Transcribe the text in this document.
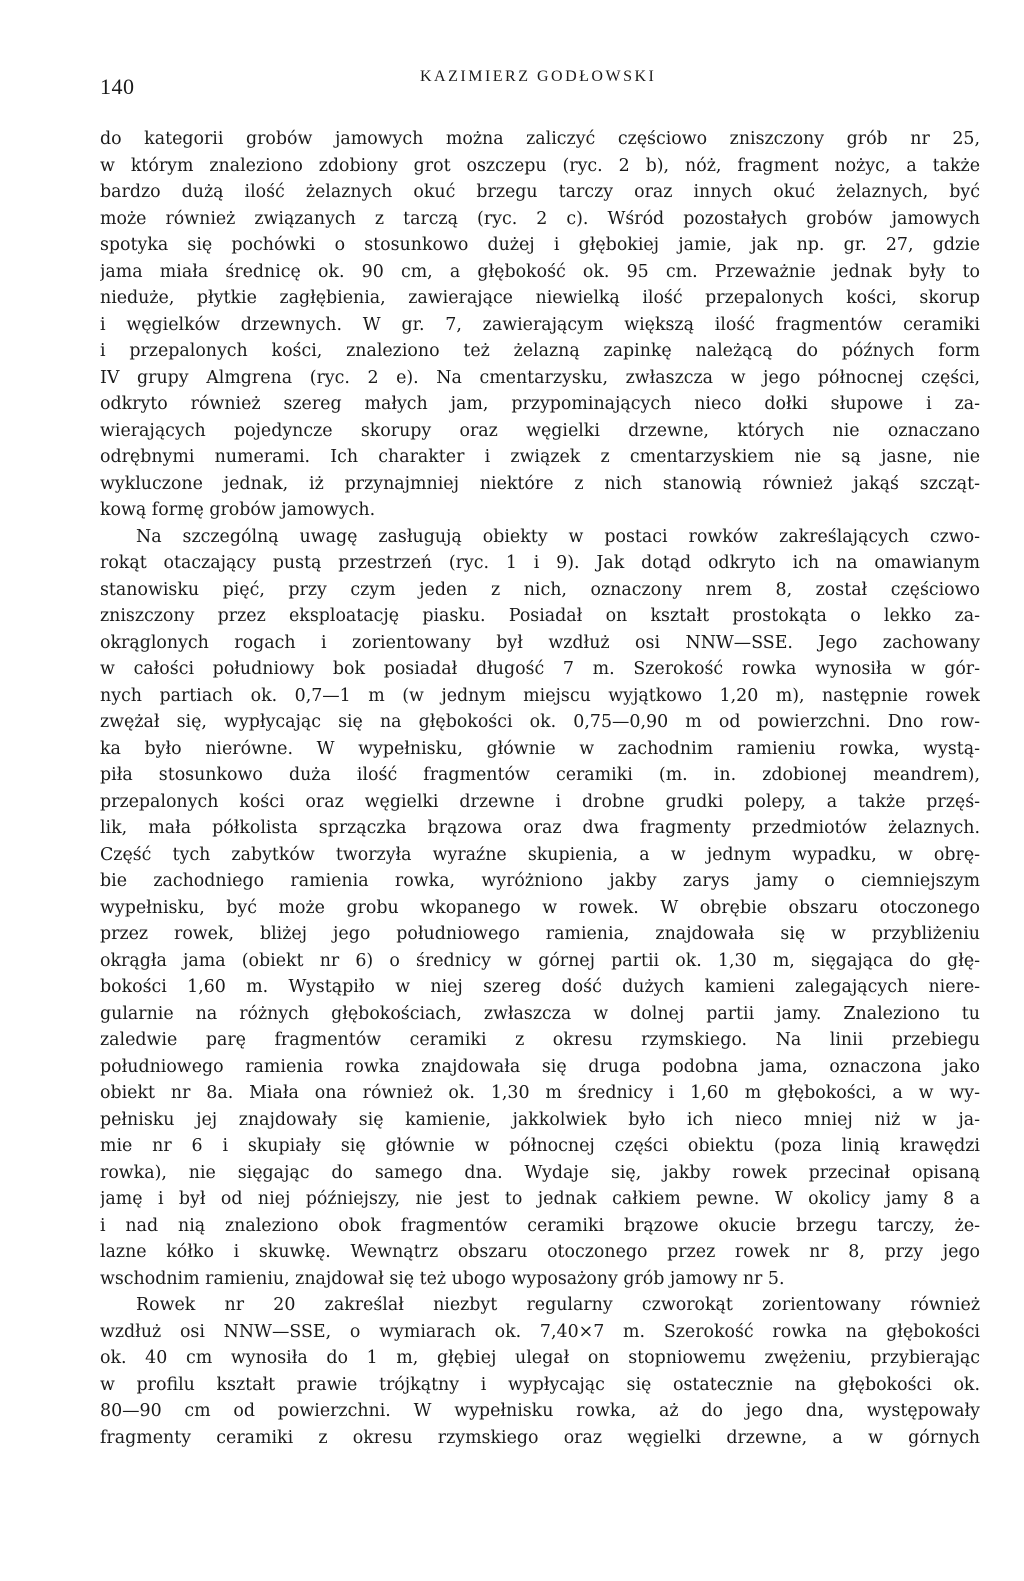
140	KAZIMIERZ GODŁOWSKI
do kategorii grobów jamowych można zaliczyć częściowo zniszczony grób nr 25,
w którym znaleziono zdobiony grot oszczepu (ryc. 2 b), nóż, fragment nożyc, a także
bardzo dużą ilość żelaznych okuć brzegu tarczy oraz innych okuć żelaznych, być
może również związanych z tarczą (ryc. 2 c). Wśród pozostałych grobów jamowych
spotyka się pochówki o stosunkowo dużej i głębokiej jamie, jak np. gr. 27, gdzie
jama miała średnicę ok. 90 cm, a głębokość ok. 95 cm. Przeważnie jednak były to
nieduże, płytkie zagłębienia, zawierające niewielką ilość przepalonych kości, skorup
i węgielków drzewnych. W gr. 7, zawierającym większą ilość fragmentów ceramiki
i przepalonych kości, znaleziono też żelazną zapinkę należącą do późnych form
IV grupy Almgrena (ryc. 2 e). Na cmentarzysku, zwłaszcza w jego północnej części,
odkryto również szereg małych jam, przypominających nieco dołki słupowe i za-
wierających pojedyncze skorupy oraz węgielki drzewne, których nie oznaczano
odrębnymi numerami. Ich charakter i związek z cmentarzyskiem nie są jasne, nie
wykluczone jednak, iż przynajmniej niektóre z nich stanowią również jakąś szcząt-
kową formę grobów jamowych.
Na szczególną uwagę zasługują obiekty w postaci rowków zakreślających czwo-
rokąt otaczający pustą przestrzeń (ryc. 1 i 9). Jak dotąd odkryto ich na omawianym
stanowisku pięć, przy czym jeden z nich, oznaczony nrem 8, został częściowo
zniszczony przez eksploatację piasku. Posiadał on kształt prostokąta o lekko za-
okrąglonych rogach i zorientowany był wzdłuż osi NNW—SSE. Jego zachowany
w całości południowy bok posiadał długość 7 m. Szerokość rowka wynosiła w gór-
nych partiach ok. 0,7—1 m (w jednym miejscu wyjątkowo 1,20 m), następnie rowek
zwężał się, wypłycając się na głębokości ok. 0,75—0,90 m od powierzchni. Dno row-
ka było nierówne. W wypełnisku, głównie w zachodnim ramieniu rowka, wystą-
piła stosunkowo duża ilość fragmentów ceramiki (m. in. zdobionej meandrem),
przepalonych kości oraz węgielki drzewne i drobne grudki polepy, a także przęś-
lik, mała półkolista sprzączka brązowa oraz dwa fragmenty przedmiotów żelaznych.
Część tych zabytków tworzyła wyraźne skupienia, a w jednym wypadku, w obrę-
bie zachodniego ramienia rowka, wyróżniono jakby zarys jamy o ciemniejszym
wypełnisku, być może grobu wkopanego w rowek. W obrębie obszaru otoczonego
przez rowek, bliżej jego południowego ramienia, znajdowała się w przybliżeniu
okrągła jama (obiekt nr 6) o średnicy w górnej partii ok. 1,30 m, sięgająca do głę-
bokości 1,60 m. Wystąpiło w niej szereg dość dużych kamieni zalegających niere-
gularnie na różnych głębokościach, zwłaszcza w dolnej partii jamy. Znaleziono tu
zaledwie parę fragmentów ceramiki z okresu rzymskiego. Na linii przebiegu
południowego ramienia rowka znajdowała się druga podobna jama, oznaczona jako
obiekt nr 8a. Miała ona również ok. 1,30 m średnicy i 1,60 m głębokości, a w wy-
pełnisku jej znajdowały się kamienie, jakkolwiek było ich nieco mniej niż w ja-
mie nr 6 i skupiały się głównie w północnej części obiektu (poza linią krawędzi
rowka), nie sięgając do samego dna. Wydaje się, jakby rowek przecinał opisaną
jamę i był od niej późniejszy, nie jest to jednak całkiem pewne. W okolicy jamy 8 a
i nad nią znaleziono obok fragmentów ceramiki brązowe okucie brzegu tarczy, że-
lazne kółko i skuwkę. Wewnątrz obszaru otoczonego przez rowek nr 8, przy jego
wschodnim ramieniu, znajdował się też ubogo wyposażony grób jamowy nr 5.
Rowek nr 20 zakreślał niezbyt regularny czworokąt zorientowany również
wzdłuż osi NNW—SSE, o wymiarach ok. 7,40×7 m. Szerokość rowka na głębokości
ok. 40 cm wynosiła do 1 m, głębiej ulegał on stopniowemu zwężeniu, przybierając
w profilu kształt prawie trójkątny i wypłycając się ostatecznie na głębokości ok.
80—90 cm od powierzchni. W wypełnisku rowka, aż do jego dna, występowały
fragmenty ceramiki z okresu rzymskiego oraz węgielki drzewne, a w górnych
